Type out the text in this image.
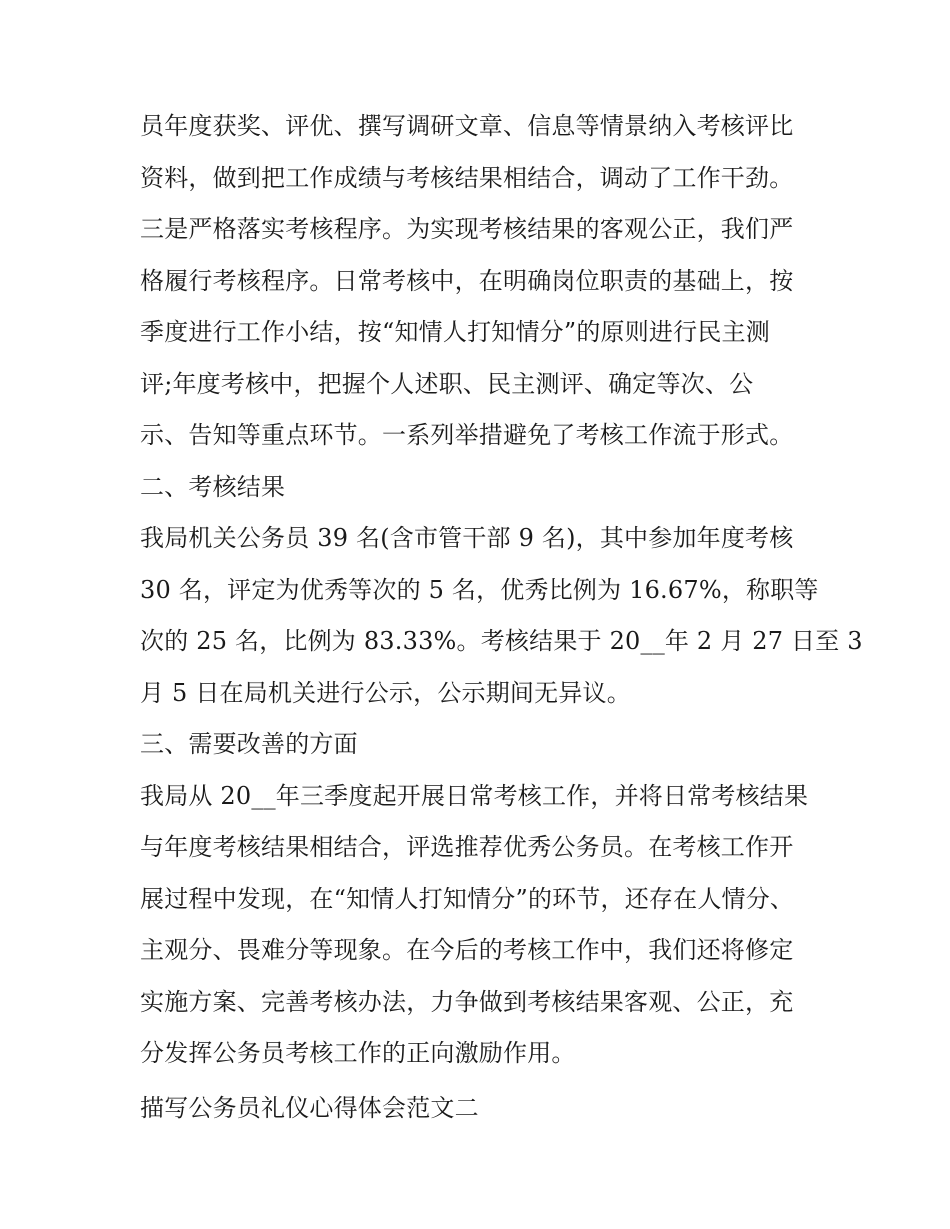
员年度获奖、评优、撰写调研文章、信息等情景纳入考核评比
资料，做到把工作成绩与考核结果相结合，调动了工作干劲。
三是严格落实考核程序。为实现考核结果的客观公正，我们严
格履行考核程序。日常考核中，在明确岗位职责的基础上，按
季度进行工作小结，按“知情人打知情分”的原则进行民主测
评;年度考核中，把握个人述职、民主测评、确定等次、公
示、告知等重点环节。一系列举措避免了考核工作流于形式。
二、考核结果
我局机关公务员 39 名(含市管干部 9 名)，其中参加年度考核
30 名，评定为优秀等次的 5 名，优秀比例为 16.67%，称职等
次的 25 名，比例为 83.33%。考核结果于 20__年 2 月 27 日至 3
月 5 日在局机关进行公示，公示期间无异议。
三、需要改善的方面
我局从 20__年三季度起开展日常考核工作，并将日常考核结果
与年度考核结果相结合，评选推荐优秀公务员。在考核工作开
展过程中发现，在“知情人打知情分”的环节，还存在人情分、
主观分、畏难分等现象。在今后的考核工作中，我们还将修定
实施方案、完善考核办法，力争做到考核结果客观、公正，充
分发挥公务员考核工作的正向激励作用。
描写公务员礼仪心得体会范文二
